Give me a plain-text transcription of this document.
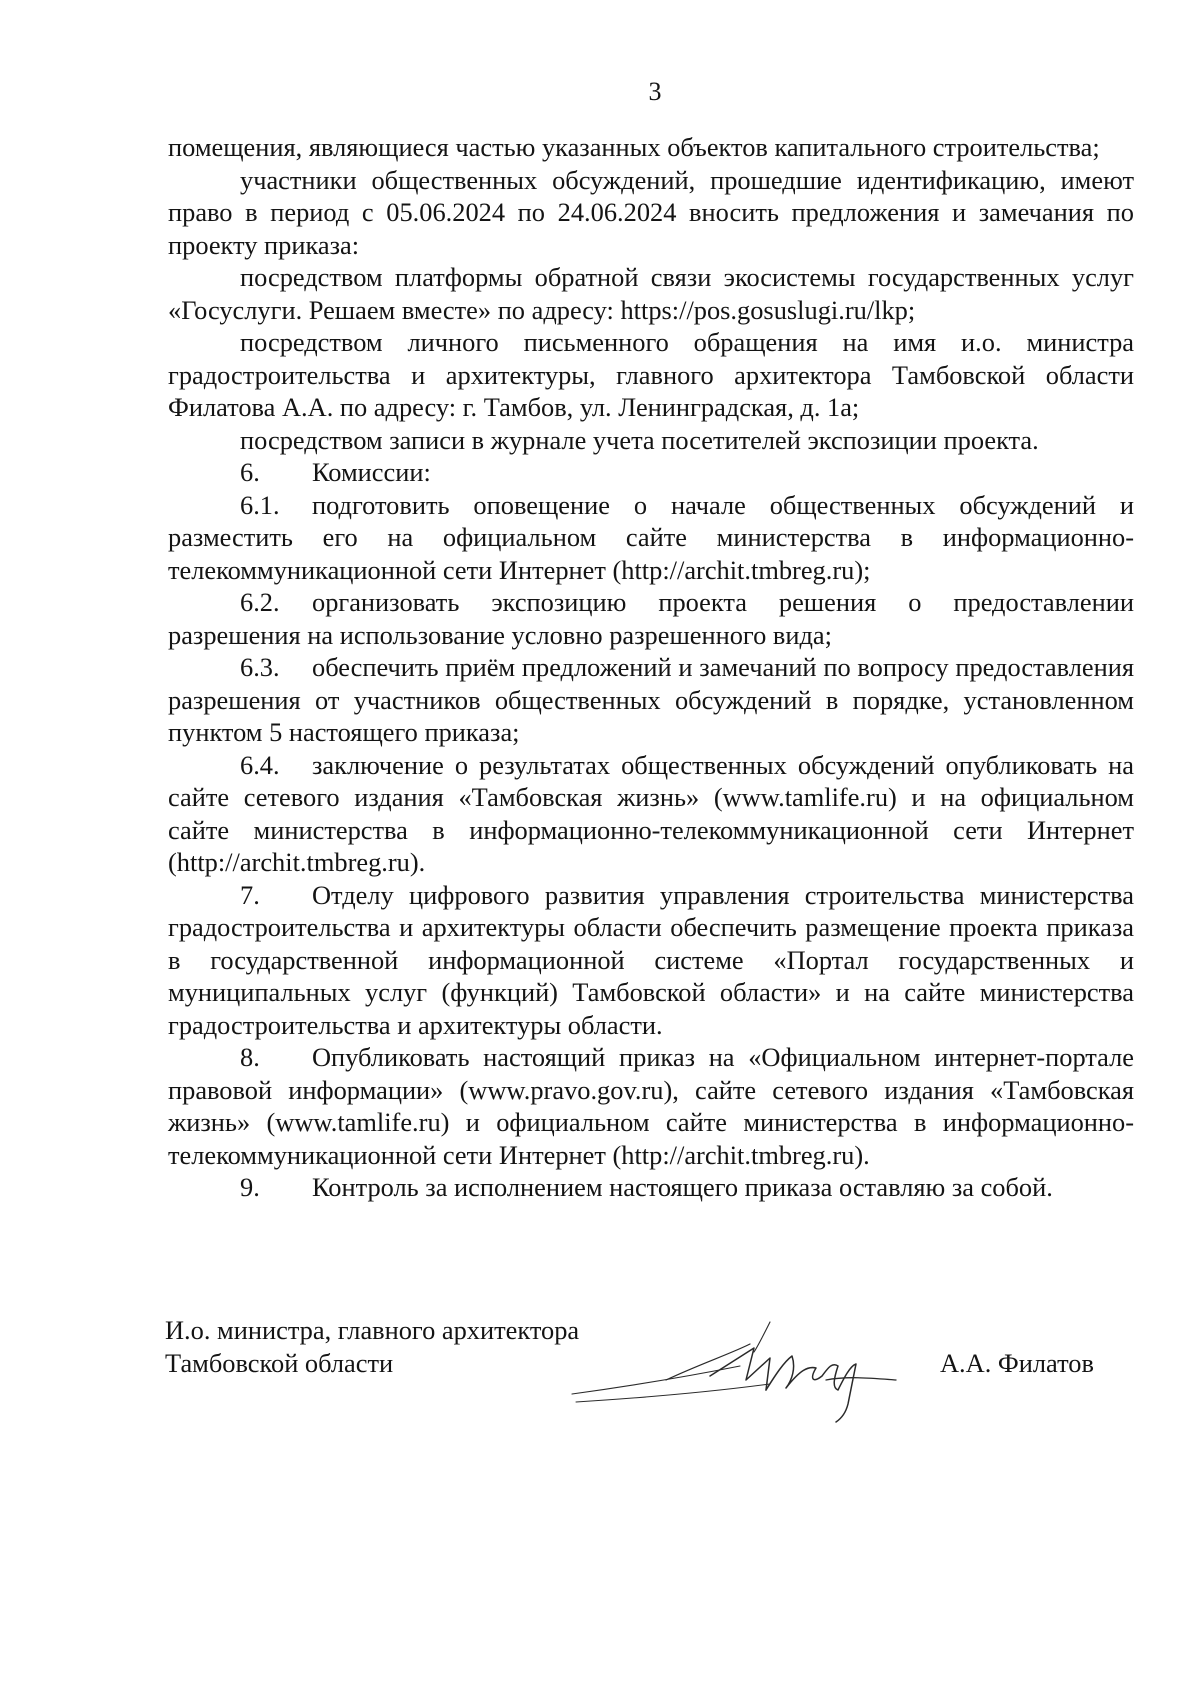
3

помещения, являющиеся частью указанных объектов капитального строительства;

участники общественных обсуждений, прошедшие идентификацию, имеют право в период с 05.06.2024 по 24.06.2024 вносить предложения и замечания по проекту приказа:

посредством платформы обратной связи экосистемы государственных услуг «Госуслуги. Решаем вместе» по адресу: https://pos.gosuslugi.ru/lkp;

посредством личного письменного обращения на имя и.о. министра градостроительства и архитектуры, главного архитектора Тамбовской области Филатова А.А. по адресу: г. Тамбов, ул. Ленинградская, д. 1а;

посредством записи в журнале учета посетителей экспозиции проекта.

6. Комиссии:

6.1. подготовить оповещение о начале общественных обсуждений и разместить его на официальном сайте министерства в информационно-телекоммуникационной сети Интернет (http://archit.tmbreg.ru);

6.2. организовать экспозицию проекта решения о предоставлении разрешения на использование условно разрешенного вида;

6.3. обеспечить приём предложений и замечаний по вопросу предоставления разрешения от участников общественных обсуждений в порядке, установленном пунктом 5 настоящего приказа;

6.4. заключение о результатах общественных обсуждений опубликовать на сайте сетевого издания «Тамбовская жизнь» (www.tamlife.ru) и на официальном сайте министерства в информационно-телекоммуникационной сети Интернет (http://archit.tmbreg.ru).

7. Отделу цифрового развития управления строительства министерства градостроительства и архитектуры области обеспечить размещение проекта приказа в государственной информационной системе «Портал государственных и муниципальных услуг (функций) Тамбовской области» и на сайте министерства градостроительства и архитектуры области.

8. Опубликовать настоящий приказ на «Официальном интернет-портале правовой информации» (www.pravo.gov.ru), сайте сетевого издания «Тамбовская жизнь» (www.tamlife.ru) и официальном сайте министерства в информационно-телекоммуникационной сети Интернет (http://archit.tmbreg.ru).

9. Контроль за исполнением настоящего приказа оставляю за собой.

И.о. министра, главного архитектора
Тамбовской области	А.А. Филатов
